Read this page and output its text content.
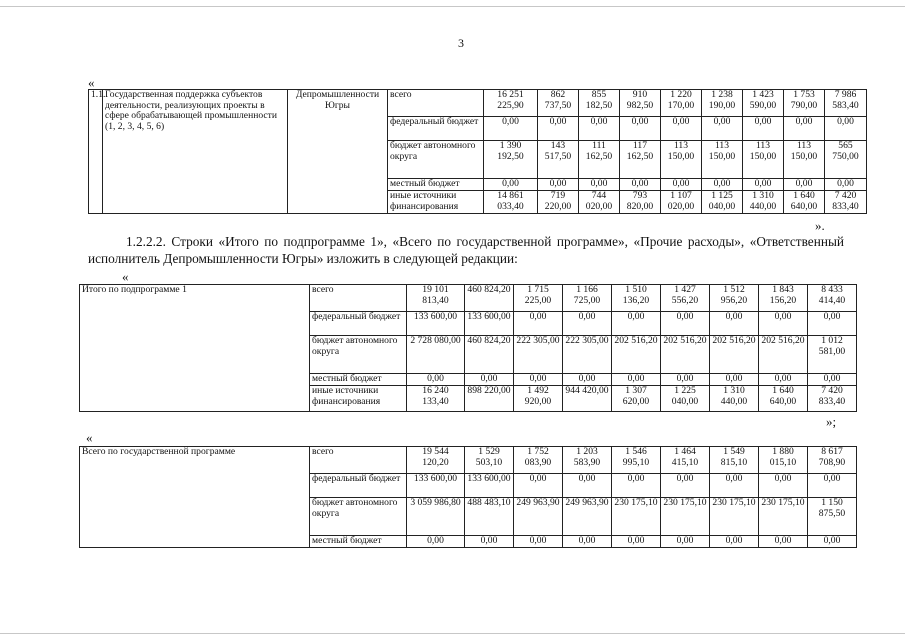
3
«
1.1.	Государственная поддержка субъектов деятельности, реализующих проекты в сфере обрабатывающей промышленности (1, 2, 3, 4, 5, 6)	Депромышленности Югры	всего	16 251 225,90	862 737,50	855 182,50	910 982,50	1 220 170,00	1 238 190,00	1 423 590,00	1 753 790,00	7 986 583,40
			федеральный бюджет	0,00	0,00	0,00	0,00	0,00	0,00	0,00	0,00	0,00
			бюджет автономного округа	1 390 192,50	143 517,50	111 162,50	117 162,50	113 150,00	113 150,00	113 150,00	113 150,00	565 750,00
			местный бюджет	0,00	0,00	0,00	0,00	0,00	0,00	0,00	0,00	0,00
			иные источники финансирования	14 861 033,40	719 220,00	744 020,00	793 820,00	1 107 020,00	1 125 040,00	1 310 440,00	1 640 640,00	7 420 833,40
».
1.2.2.2. Строки «Итого по подпрограмме 1», «Всего по государственной программе», «Прочие расходы», «Ответственный исполнитель Депромышленности Югры» изложить в следующей редакции:
«
Итого по подпрограмме 1	всего	19 101 813,40	460 824,20	1 715 225,00	1 166 725,00	1 510 136,20	1 427 556,20	1 512 956,20	1 843 156,20	8 433 414,40
	федеральный бюджет	133 600,00	133 600,00	0,00	0,00	0,00	0,00	0,00	0,00	0,00
	бюджет автономного округа	2 728 080,00	460 824,20	222 305,00	222 305,00	202 516,20	202 516,20	202 516,20	202 516,20	1 012 581,00
	местный бюджет	0,00	0,00	0,00	0,00	0,00	0,00	0,00	0,00	0,00
	иные источники финансирования	16 240 133,40	898 220,00	1 492 920,00	944 420,00	1 307 620,00	1 225 040,00	1 310 440,00	1 640 640,00	7 420 833,40
»;
«
Всего по государственной программе	всего	19 544 120,20	1 529 503,10	1 752 083,90	1 203 583,90	1 546 995,10	1 464 415,10	1 549 815,10	1 880 015,10	8 617 708,90
	федеральный бюджет	133 600,00	133 600,00	0,00	0,00	0,00	0,00	0,00	0,00	0,00
	бюджет автономного округа	3 059 986,80	488 483,10	249 963,90	249 963,90	230 175,10	230 175,10	230 175,10	230 175,10	1 150 875,50
	местный бюджет	0,00	0,00	0,00	0,00	0,00	0,00	0,00	0,00	0,00
